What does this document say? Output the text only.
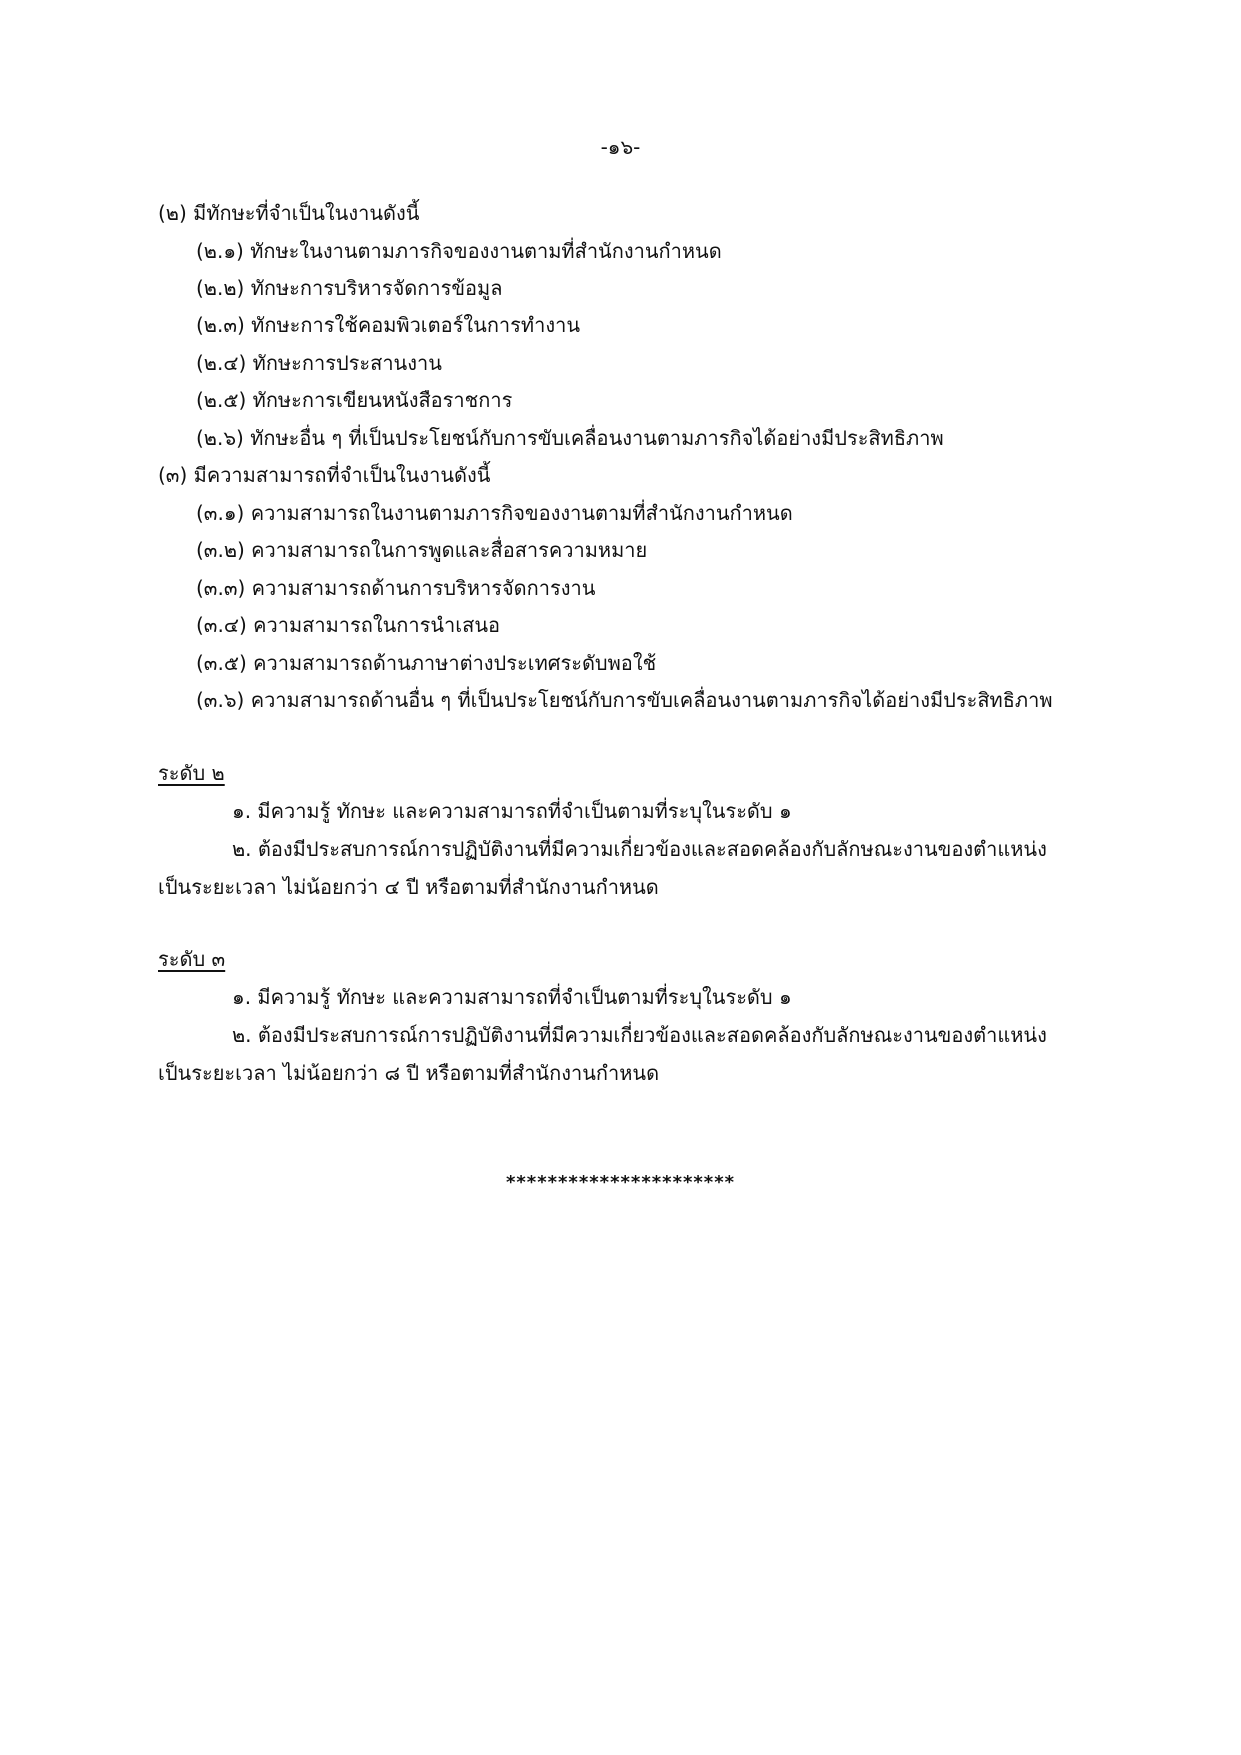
-๑๖-
(๒) มีทักษะที่จำเป็นในงานดังนี้
(๒.๑) ทักษะในงานตามภารกิจของงานตามที่สำนักงานกำหนด
(๒.๒) ทักษะการบริหารจัดการข้อมูล
(๒.๓) ทักษะการใช้คอมพิวเตอร์ในการทำงาน
(๒.๔) ทักษะการประสานงาน
(๒.๕) ทักษะการเขียนหนังสือราชการ
(๒.๖) ทักษะอื่น ๆ ที่เป็นประโยชน์กับการขับเคลื่อนงานตามภารกิจได้อย่างมีประสิทธิภาพ
(๓) มีความสามารถที่จำเป็นในงานดังนี้
(๓.๑) ความสามารถในงานตามภารกิจของงานตามที่สำนักงานกำหนด
(๓.๒) ความสามารถในการพูดและสื่อสารความหมาย
(๓.๓) ความสามารถด้านการบริหารจัดการงาน
(๓.๔) ความสามารถในการนำเสนอ
(๓.๕) ความสามารถด้านภาษาต่างประเทศระดับพอใช้
(๓.๖) ความสามารถด้านอื่น ๆ ที่เป็นประโยชน์กับการขับเคลื่อนงานตามภารกิจได้อย่างมีประสิทธิภาพ
ระดับ ๒
๑. มีความรู้ ทักษะ และความสามารถที่จำเป็นตามที่ระบุในระดับ ๑
๒. ต้องมีประสบการณ์การปฏิบัติงานที่มีความเกี่ยวข้องและสอดคล้องกับลักษณะงานของตำแหน่ง
เป็นระยะเวลา ไม่น้อยกว่า ๔ ปี หรือตามที่สำนักงานกำหนด
ระดับ ๓
๑. มีความรู้ ทักษะ และความสามารถที่จำเป็นตามที่ระบุในระดับ ๑
๒. ต้องมีประสบการณ์การปฏิบัติงานที่มีความเกี่ยวข้องและสอดคล้องกับลักษณะงานของตำแหน่ง
เป็นระยะเวลา ไม่น้อยกว่า ๘ ปี หรือตามที่สำนักงานกำหนด
**********************
